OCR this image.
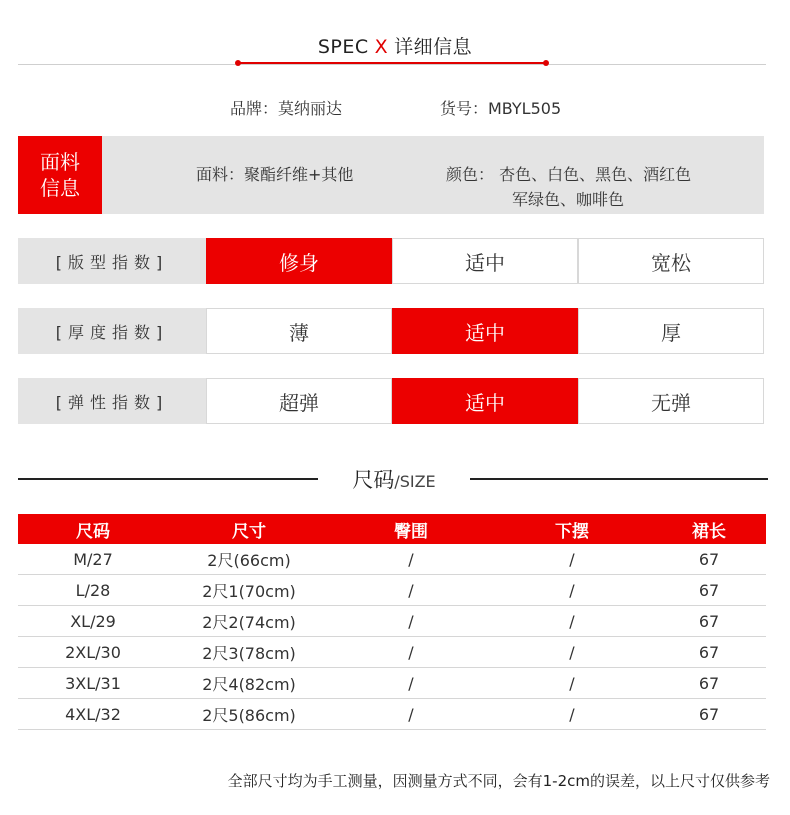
SPEC X 详细信息
品牌：莫纳丽达	货号：MBYL505
面料
信息
面料：聚酯纤维+其他	颜色： 杏色、白色、黑色、酒红色
军绿色、咖啡色
[版型指数]	修身	适中	宽松
[厚度指数]	薄	适中	厚
[弹性指数]	超弹	适中	无弹
尺码/SIZE
尺码	尺寸	臀围	下摆	裙长
M/27	2尺(66cm)	/	/	67
L/28	2尺1(70cm)	/	/	67
XL/29	2尺2(74cm)	/	/	67
2XL/30	2尺3(78cm)	/	/	67
3XL/31	2尺4(82cm)	/	/	67
4XL/32	2尺5(86cm)	/	/	67
全部尺寸均为手工测量，因测量方式不同，会有1-2cm的误差，以上尺寸仅供参考
